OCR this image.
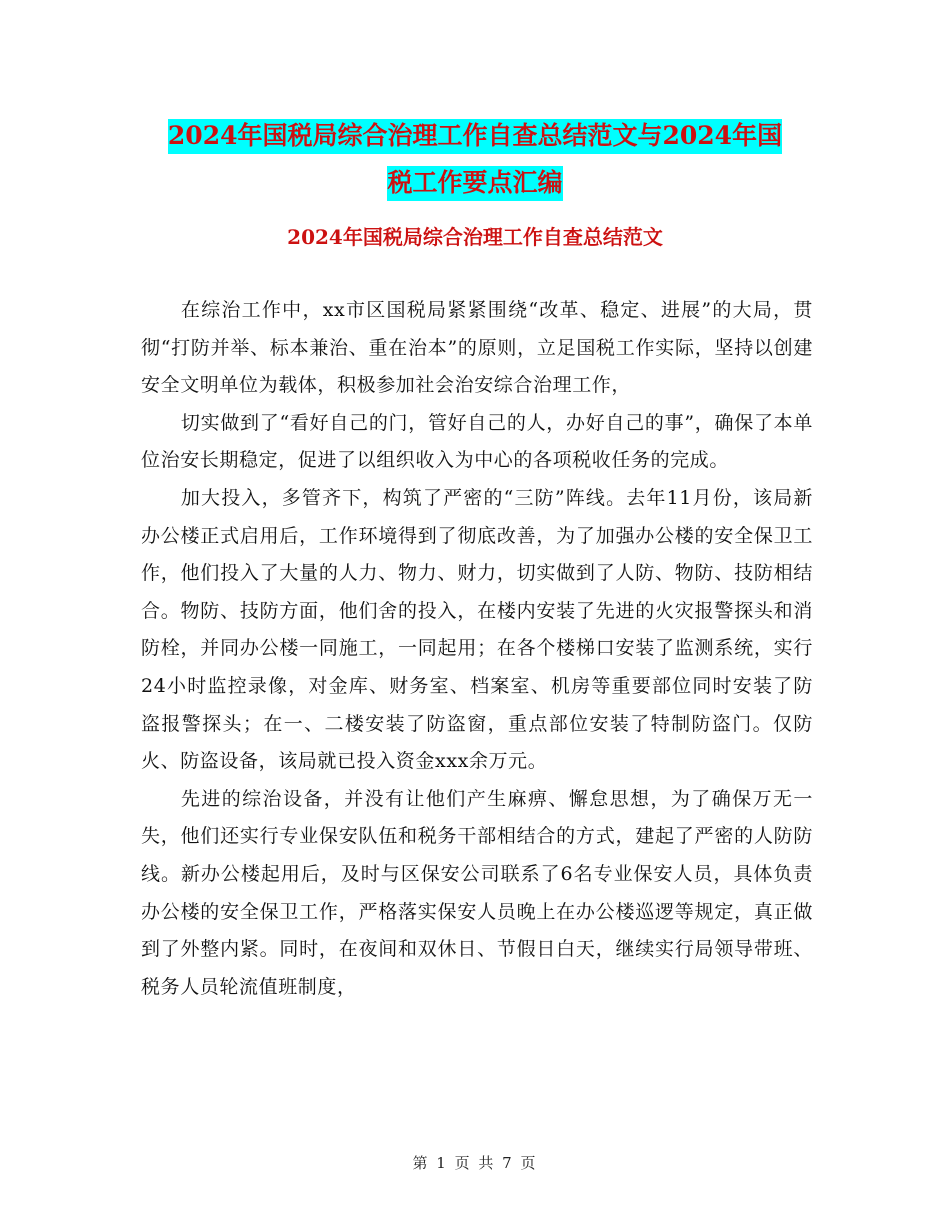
2024年国税局综合治理工作自查总结范文与2024年国
税工作要点汇编
2024年国税局综合治理工作自查总结范文

在综治工作中，xx市区国税局紧紧围绕“改革、稳定、进展”的大局，贯彻“打防并举、标本兼治、重在治本”的原则，立足国税工作实际，坚持以创建安全文明单位为载体，积极参加社会治安综合治理工作，

切实做到了“看好自己的门，管好自己的人，办好自己的事”，确保了本单位治安长期稳定，促进了以组织收入为中心的各项税收任务的完成。

加大投入，多管齐下，构筑了严密的“三防”阵线。去年11月份，该局新办公楼正式启用后，工作环境得到了彻底改善，为了加强办公楼的安全保卫工作，他们投入了大量的人力、物力、财力，切实做到了人防、物防、技防相结合。物防、技防方面，他们舍的投入，在楼内安装了先进的火灾报警探头和消防栓，并同办公楼一同施工，一同起用；在各个楼梯口安装了监测系统，实行24小时监控录像，对金库、财务室、档案室、机房等重要部位同时安装了防盗报警探头；在一、二楼安装了防盗窗，重点部位安装了特制防盗门。仅防火、防盗设备，该局就已投入资金xxx余万元。

先进的综治设备，并没有让他们产生麻痹、懈怠思想，为了确保万无一失，他们还实行专业保安队伍和税务干部相结合的方式，建起了严密的人防防线。新办公楼起用后，及时与区保安公司联系了6名专业保安人员，具体负责办公楼的安全保卫工作，严格落实保安人员晚上在办公楼巡逻等规定，真正做到了外整内紧。同时，在夜间和双休日、节假日白天，继续实行局领导带班、税务人员轮流值班制度，

第 1 页 共 7 页
